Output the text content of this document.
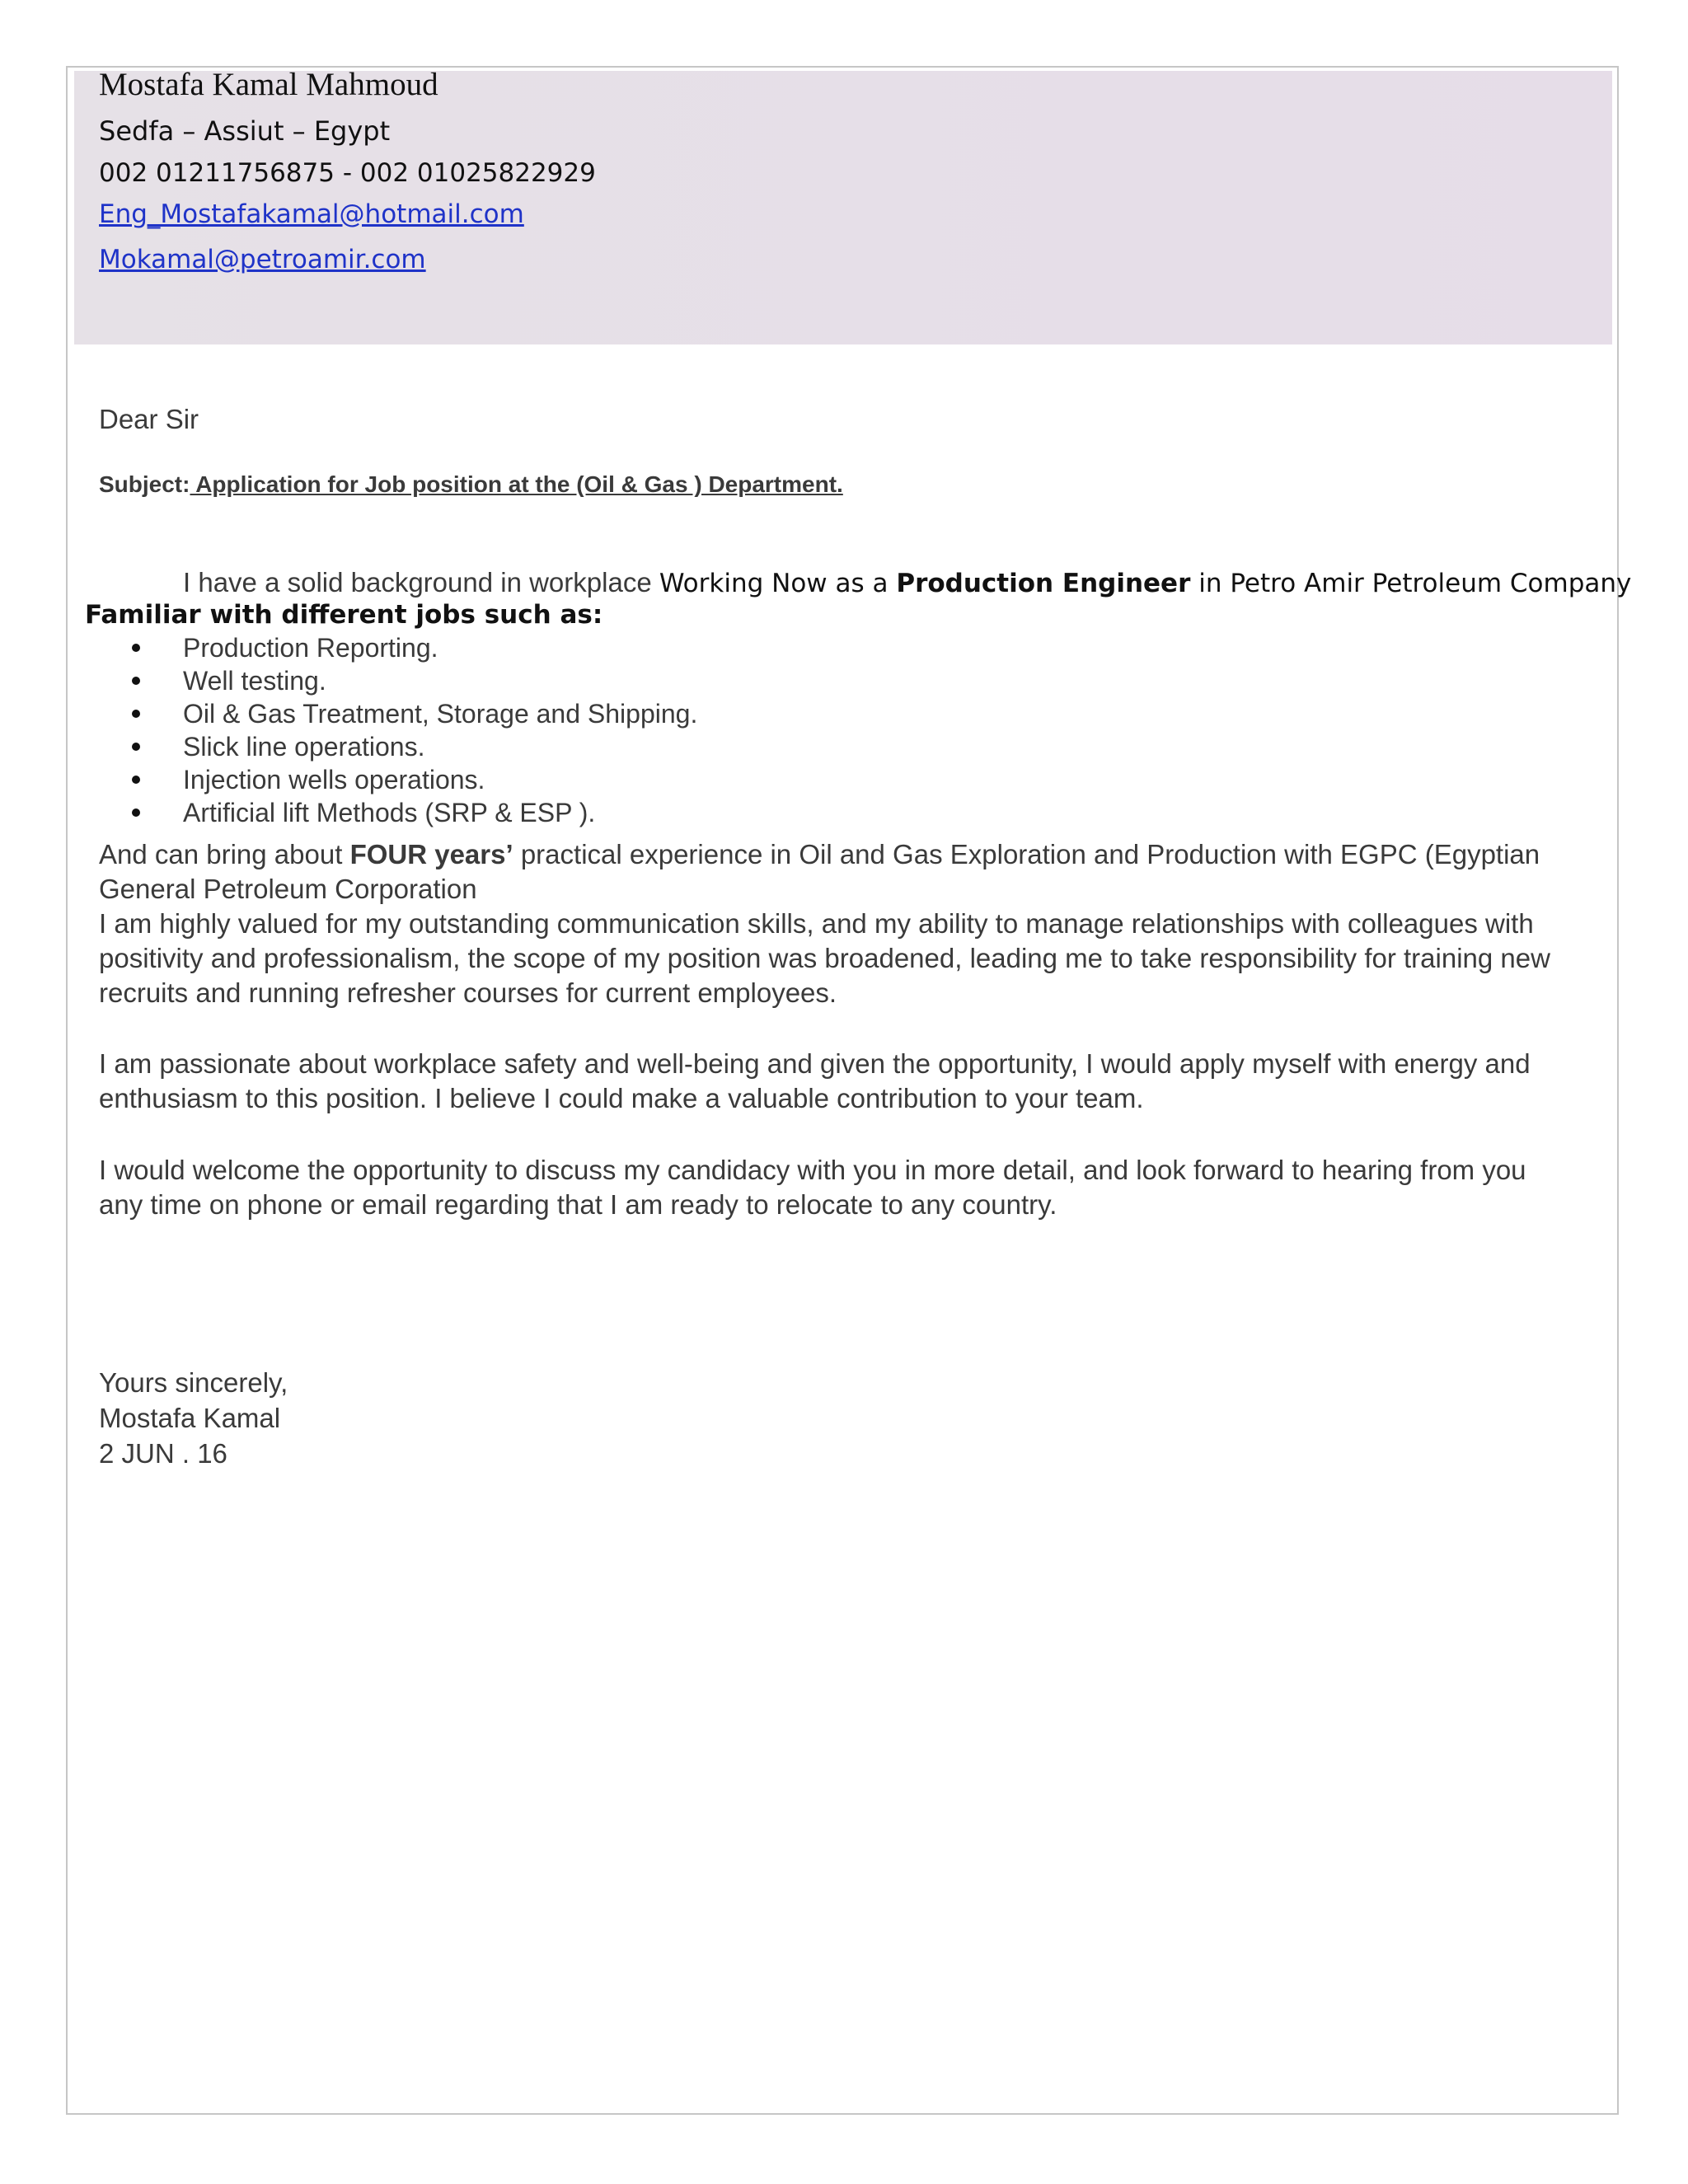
Mostafa Kamal Mahmoud
Sedfa – Assiut – Egypt
002 01211756875 - 002 01025822929
Eng_Mostafakamal@hotmail.com
Mokamal@petroamir.com
Dear Sir
Subject: Application for Job position at the (Oil & Gas ) Department.
I have a solid background in workplace Working Now as a Production Engineer in Petro Amir Petroleum Company
Familiar with different jobs such as:
Production Reporting.
Well testing.
Oil & Gas Treatment, Storage and Shipping.
Slick line operations.
Injection wells operations.
Artificial lift Methods (SRP & ESP ).
And can bring about FOUR years’ practical experience in Oil and Gas Exploration and Production with EGPC (Egyptian
General Petroleum Corporation
I am highly valued for my outstanding communication skills, and my ability to manage relationships with colleagues with
positivity and professionalism, the scope of my position was broadened, leading me to take responsibility for training new
recruits and running refresher courses for current employees.
I am passionate about workplace safety and well-being and given the opportunity, I would apply myself with energy and
enthusiasm to this position. I believe I could make a valuable contribution to your team.
I would welcome the opportunity to discuss my candidacy with you in more detail, and look forward to hearing from you
any time on phone or email regarding that I am ready to relocate to any country.
Yours sincerely,
Mostafa Kamal
2 JUN . 16
